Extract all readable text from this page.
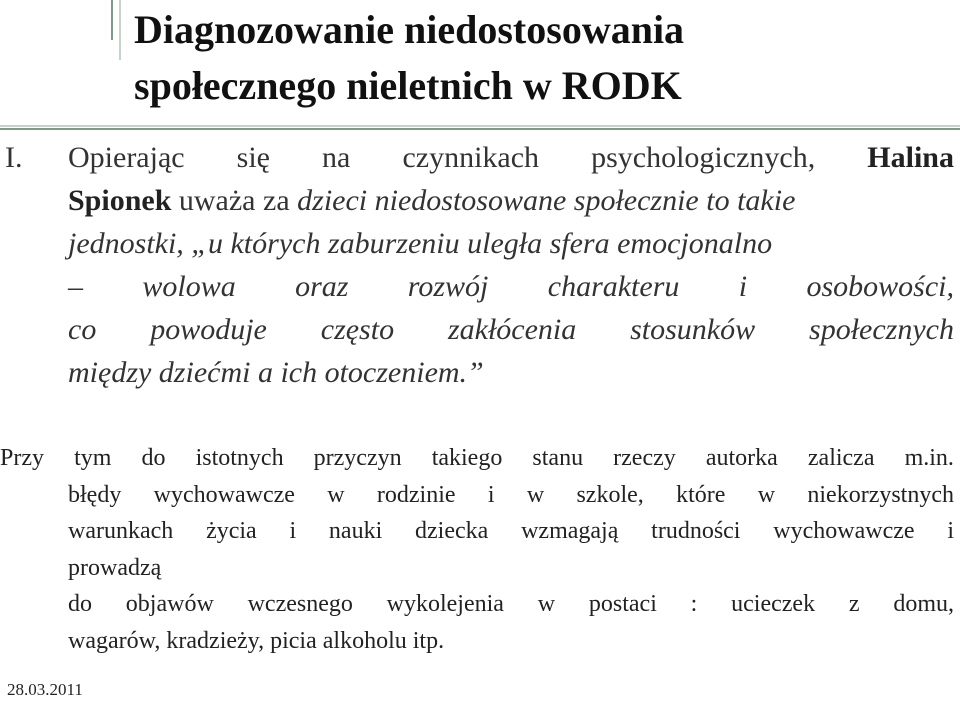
Diagnozowanie niedostosowania
społecznego nieletnich w RODK
I. Opierając się na czynnikach psychologicznych, Halina
Spionek uważa za dzieci niedostosowane społecznie to takie
jednostki, „u których zaburzeniu uległa sfera emocjonalno
– wolowa oraz rozwój charakteru i osobowości,
co powoduje często zakłócenia stosunków społecznych
między dziećmi a ich otoczeniem.”
Przy tym do istotnych przyczyn takiego stanu rzeczy autorka zalicza m.in.
błędy wychowawcze w rodzinie i w szkole, które w niekorzystnych
warunkach życia i nauki dziecka wzmagają trudności wychowawcze i
prowadzą
do objawów wczesnego wykolejenia w postaci : ucieczek z domu,
wagarów, kradzieży, picia alkoholu itp.
28.03.2011
